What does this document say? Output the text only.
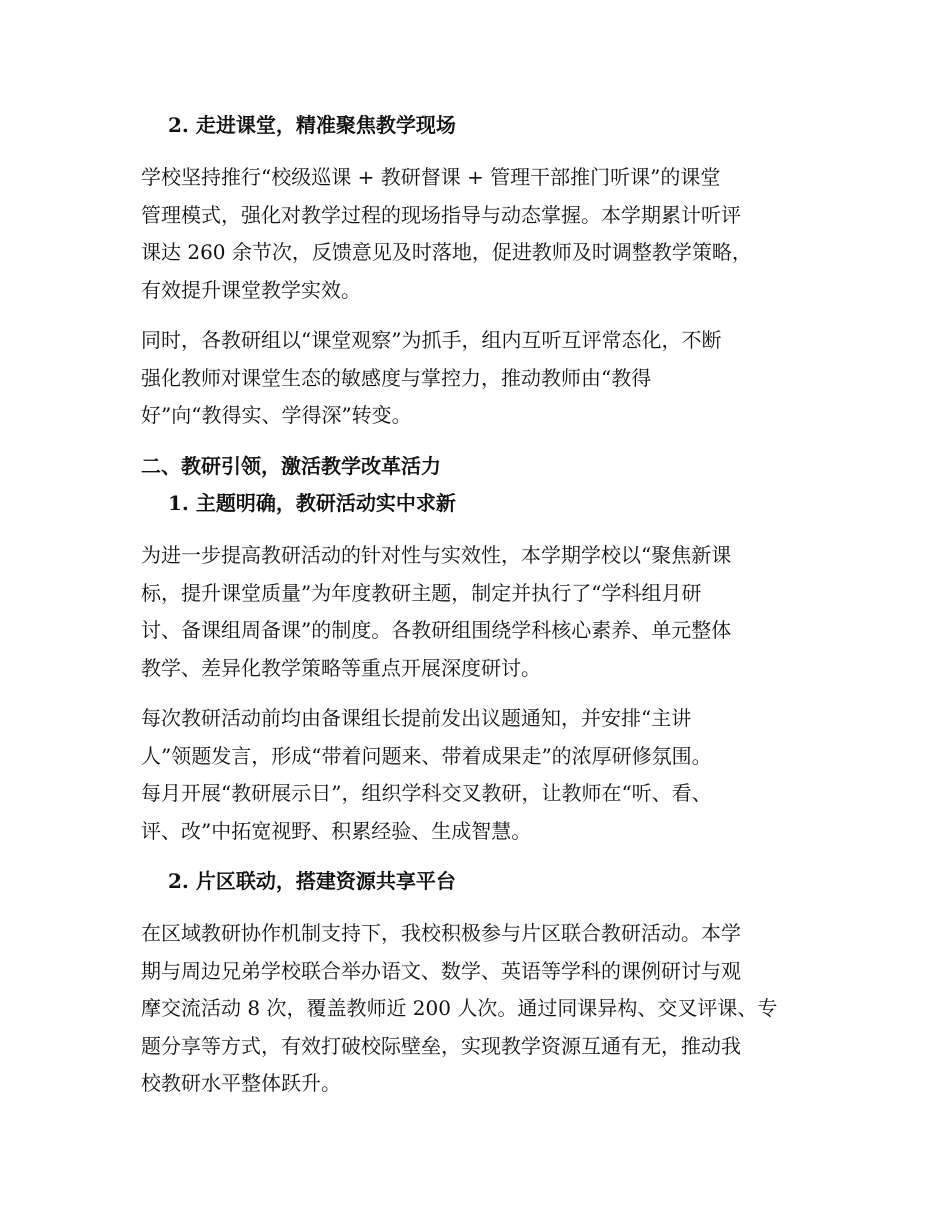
2. 走进课堂，精准聚焦教学现场

学校坚持推行“校级巡课 + 教研督课 + 管理干部推门听课”的课堂
管理模式，强化对教学过程的现场指导与动态掌握。本学期累计听评
课达 260 余节次，反馈意见及时落地，促进教师及时调整教学策略，
有效提升课堂教学实效。

同时，各教研组以“课堂观察”为抓手，组内互听互评常态化，不断
强化教师对课堂生态的敏感度与掌控力，推动教师由“教得
好”向“教得实、学得深”转变。

二、教研引领，激活教学改革活力
1. 主题明确，教研活动实中求新

为进一步提高教研活动的针对性与实效性，本学期学校以“聚焦新课
标，提升课堂质量”为年度教研主题，制定并执行了“学科组月研
讨、备课组周备课”的制度。各教研组围绕学科核心素养、单元整体
教学、差异化教学策略等重点开展深度研讨。

每次教研活动前均由备课组长提前发出议题通知，并安排“主讲
人”领题发言，形成“带着问题来、带着成果走”的浓厚研修氛围。
每月开展“教研展示日”，组织学科交叉教研，让教师在“听、看、
评、改”中拓宽视野、积累经验、生成智慧。

2. 片区联动，搭建资源共享平台

在区域教研协作机制支持下，我校积极参与片区联合教研活动。本学
期与周边兄弟学校联合举办语文、数学、英语等学科的课例研讨与观
摩交流活动 8 次，覆盖教师近 200 人次。通过同课异构、交叉评课、专
题分享等方式，有效打破校际壁垒，实现教学资源互通有无，推动我
校教研水平整体跃升。
